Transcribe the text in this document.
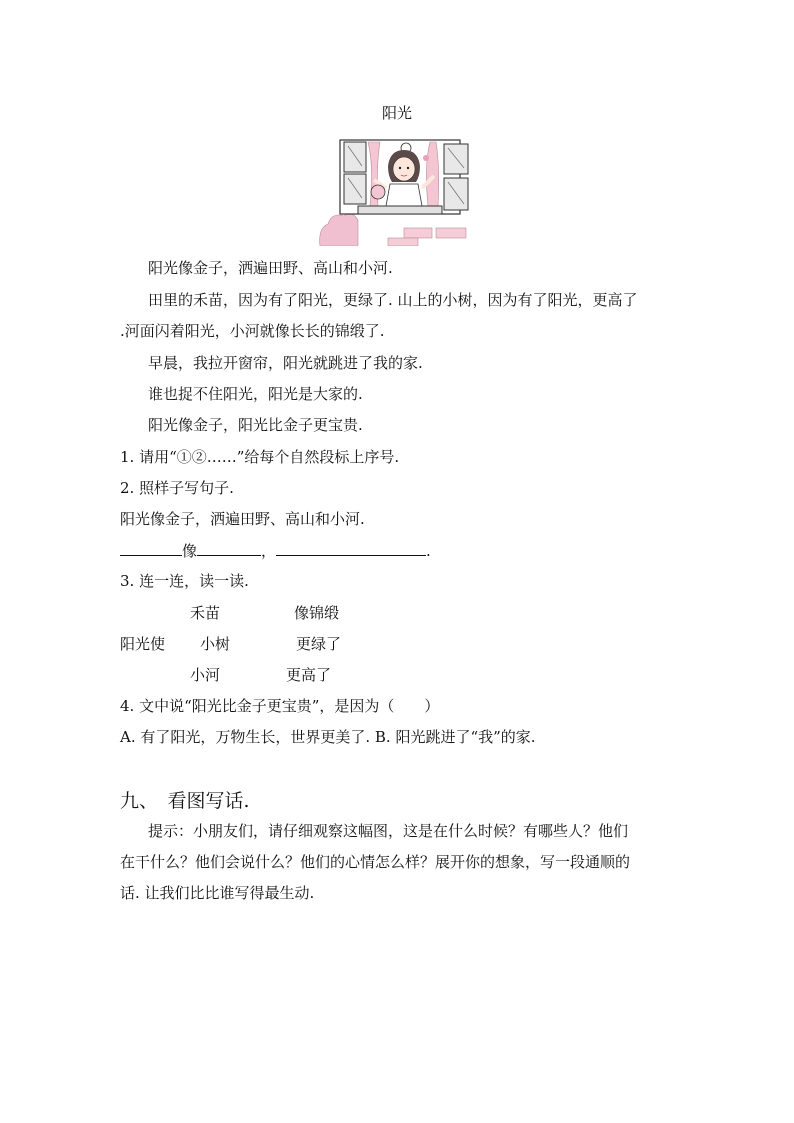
阳光
阳光像金子，洒遍田野、高山和小河.
田里的禾苗，因为有了阳光，更绿了. 山上的小树，因为有了阳光，更高了
.河面闪着阳光，小河就像长长的锦缎了.
早晨，我拉开窗帘，阳光就跳进了我的家.
谁也捉不住阳光，阳光是大家的.
阳光像金子，阳光比金子更宝贵.
1. 请用“①②……”给每个自然段标上序号.
2. 照样子写句子.
阳光像金子，洒遍田野、高山和小河.
像	，	.
3. 连一连，读一读.
禾苗	像锦缎
阳光使 小树	更绿了
小河	更高了
4. 文中说“阳光比金子更宝贵”，是因为（　　）
A. 有了阳光，万物生长，世界更美了. B. 阳光跳进了“我”的家.
九、　看图写话.
提示：小朋友们，请仔细观察这幅图，这是在什么时候？有哪些人？他们
在干什么？他们会说什么？他们的心情怎么样？展开你的想象，写一段通顺的
话. 让我们比比谁写得最生动.
